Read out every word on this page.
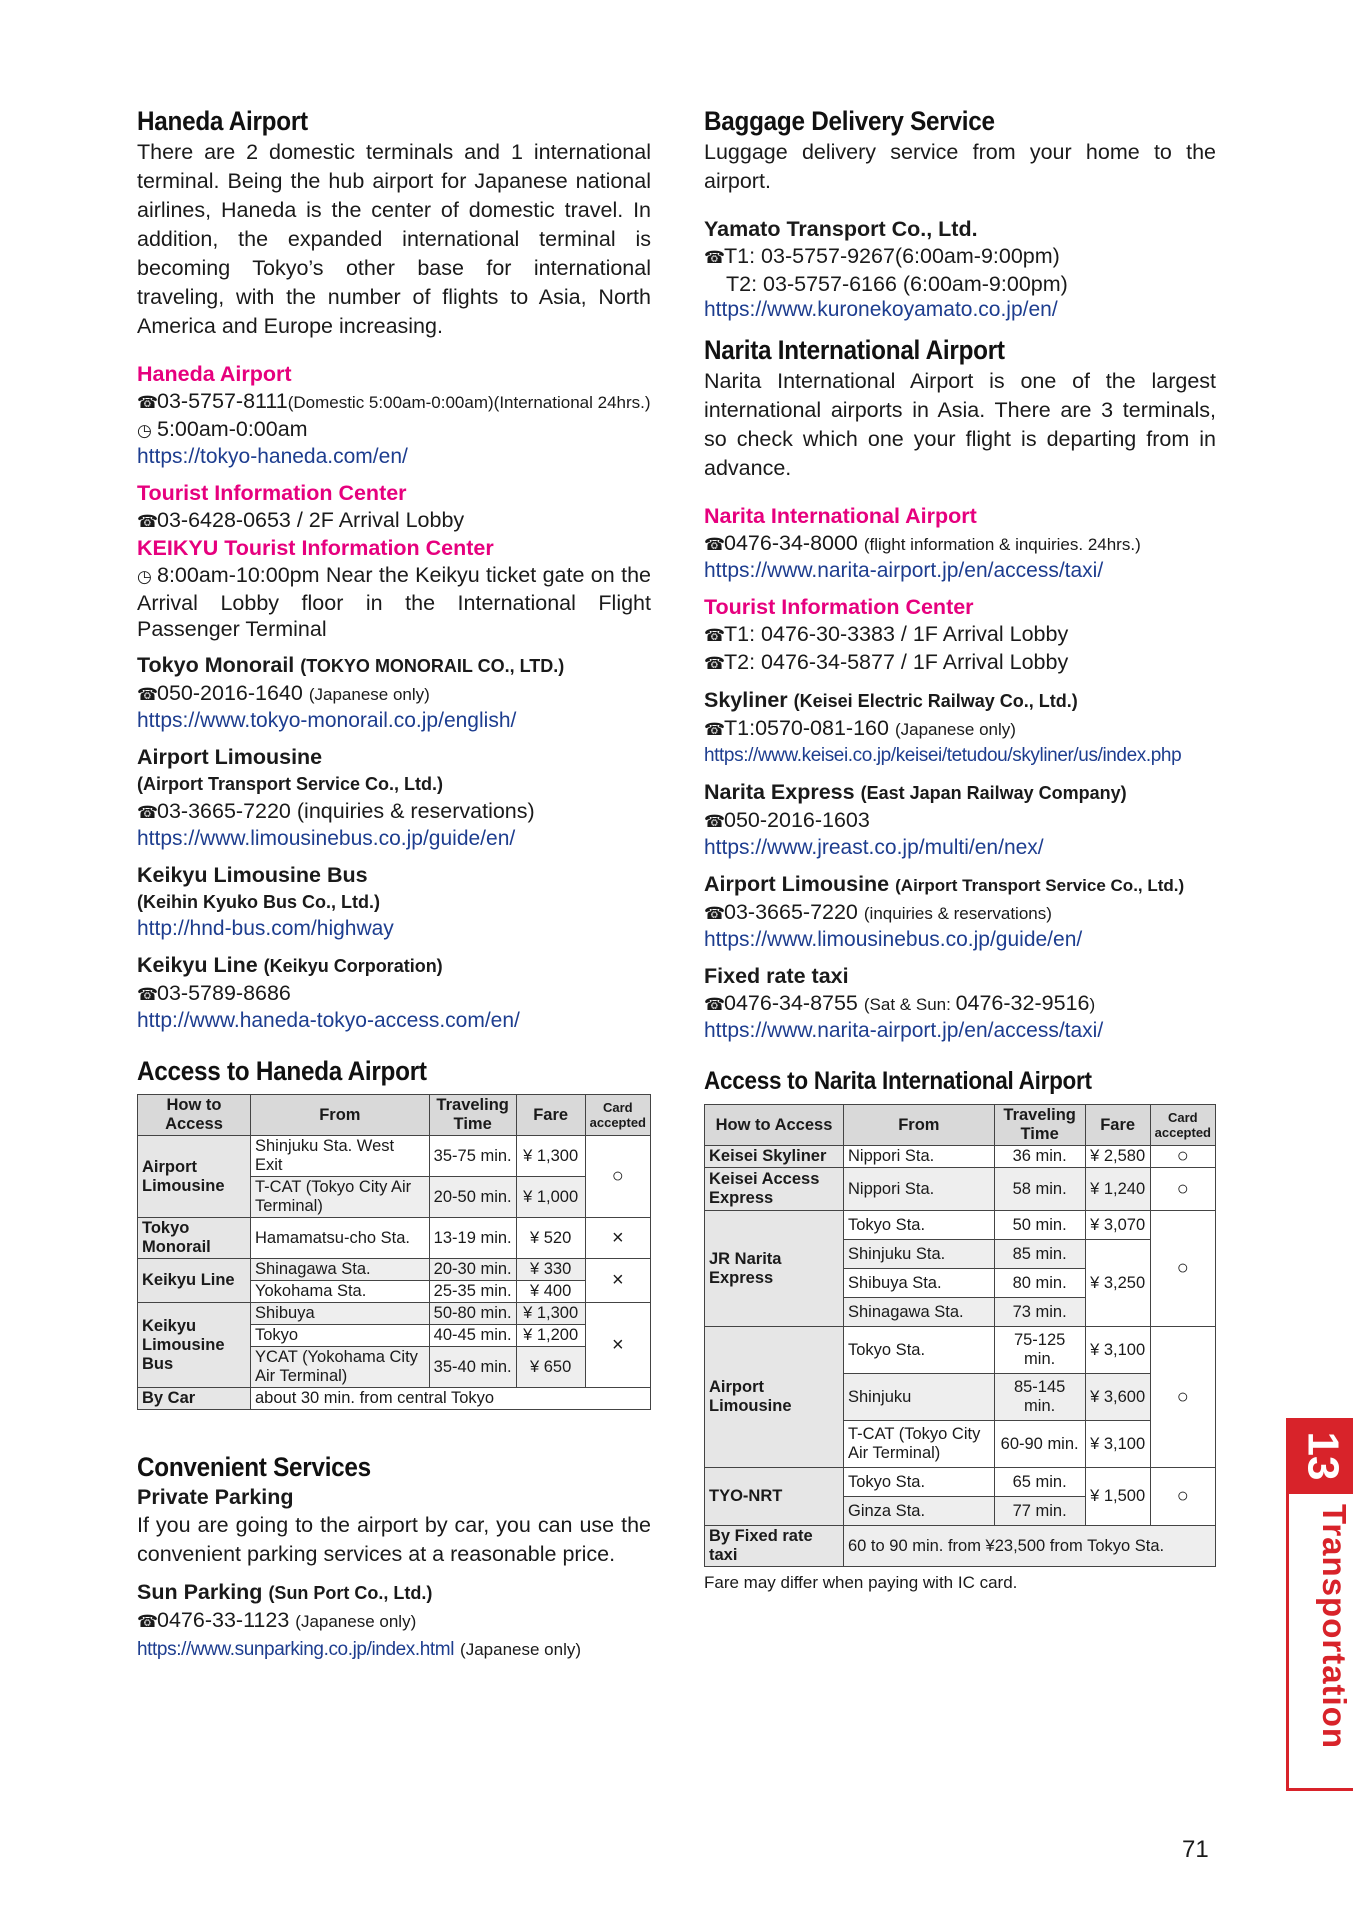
Haneda Airport

There are 2 domestic terminals and 1 international terminal. Being the hub airport for Japanese national airlines, Haneda is the center of domestic travel. In addition, the expanded international terminal is becoming Tokyo’s other base for international traveling, with the number of flights to Asia, North America and Europe increasing.

Haneda Airport

☎03-5757-8111(Domestic 5:00am-0:00am)(International 24hrs.) ◷ 5:00am-0:00am

https://tokyo-haneda.com/en/

Tourist Information Center

☎03-6428-0653 / 2F Arrival Lobby

KEIKYU Tourist Information Center

◷ 8:00am-10:00pm Near the Keikyu ticket gate on the Arrival Lobby floor in the International Flight Passenger Terminal

Tokyo Monorail (TOKYO MONORAIL CO., LTD.)

☎050-2016-1640 (Japanese only)

https://www.tokyo-monorail.co.jp/english/

Airport Limousine

(Airport Transport Service Co., Ltd.)

☎03-3665-7220 (inquiries & reservations)

https://www.limousinebus.co.jp/guide/en/

Keikyu Limousine Bus

(Keihin Kyuko Bus Co., Ltd.)

http://hnd-bus.com/highway

Keikyu Line (Keikyu Corporation)

☎03-5789-8686

http://www.haneda-tokyo-access.com/en/
Access to Haneda Airport
How to Access	From	Traveling Time	Fare	Card accepted
Airport Limousine	Shinjuku Sta. West Exit	35-75 min.	¥ 1,300	○
	T-CAT (Tokyo City Air Terminal)	20-50 min.	¥ 1,000	
Tokyo Monorail	Hamamatsu-cho Sta.	13-19 min.	¥ 520	×
Keikyu Line	Shinagawa Sta.	20-30 min.	¥ 330	×
	Yokohama Sta.	25-35 min.	¥ 400	
Keikyu Limousine Bus	Shibuya	50-80 min.	¥ 1,300	×
	Tokyo	40-45 min.	¥ 1,200	
	YCAT (Yokohama City Air Terminal)	35-40 min.	¥ 650	
By Car	about 30 min. from central Tokyo			
Convenient Services

Private Parking

If you are going to the airport by car, you can use the convenient parking services at a reasonable price.

Sun Parking (Sun Port Co., Ltd.)

☎0476-33-1123 (Japanese only)

https://www.sunparking.co.jp/index.html (Japanese only)

Baggage Delivery Service

Luggage delivery service from your home to the airport.

Yamato Transport Co., Ltd.

☎T1: 03-5757-9267(6:00am-9:00pm)

T2: 03-5757-6166 (6:00am-9:00pm)

https://www.kuronekoyamato.co.jp/en/
Narita International Airport

Narita International Airport is one of the largest international airports in Asia. There are 3 terminals, so check which one your flight is departing from in advance.

Narita International Airport

☎0476-34-8000 (flight information & inquiries. 24hrs.)

https://www.narita-airport.jp/en/access/taxi/

Tourist Information Center

☎T1: 0476-30-3383 / 1F Arrival Lobby

☎T2: 0476-34-5877 / 1F Arrival Lobby

Skyliner (Keisei Electric Railway Co., Ltd.)

☎T1:0570-081-160 (Japanese only)

https://www.keisei.co.jp/keisei/tetudou/skyliner/us/index.php

Narita Express (East Japan Railway Company)

☎050-2016-1603

https://www.jreast.co.jp/multi/en/nex/

Airport Limousine (Airport Transport Service Co., Ltd.)

☎03-3665-7220 (inquiries & reservations)

https://www.limousinebus.co.jp/guide/en/

Fixed rate taxi

☎0476-34-8755 (Sat & Sun: 0476-32-9516)

https://www.narita-airport.jp/en/access/taxi/
Access to Narita International Airport
How to Access	From	Traveling Time	Fare	Card accepted
Keisei Skyliner	Nippori Sta.	36 min.	¥ 2,580	○
Keisei Access Express	Nippori Sta.	58 min.	¥ 1,240	○
JR Narita Express	Tokyo Sta.	50 min.	¥ 3,070	○
	Shinjuku Sta.	85 min.	¥ 3,250	
	Shibuya Sta.	80 min.		
	Shinagawa Sta.	73 min.		
Airport Limousine	Tokyo Sta.	75-125 min.	¥ 3,100	○
	Shinjuku	85-145 min.	¥ 3,600	
	T-CAT (Tokyo City Air Terminal)	60-90 min.	¥ 3,100	
TYO-NRT	Tokyo Sta.	65 min.	¥ 1,500	○
	Ginza Sta.	77 min.		
By Fixed rate taxi	60 to 90 min. from ¥23,500 from Tokyo Sta.			
Fare may differ when paying with IC card.
13
Transportation
71
